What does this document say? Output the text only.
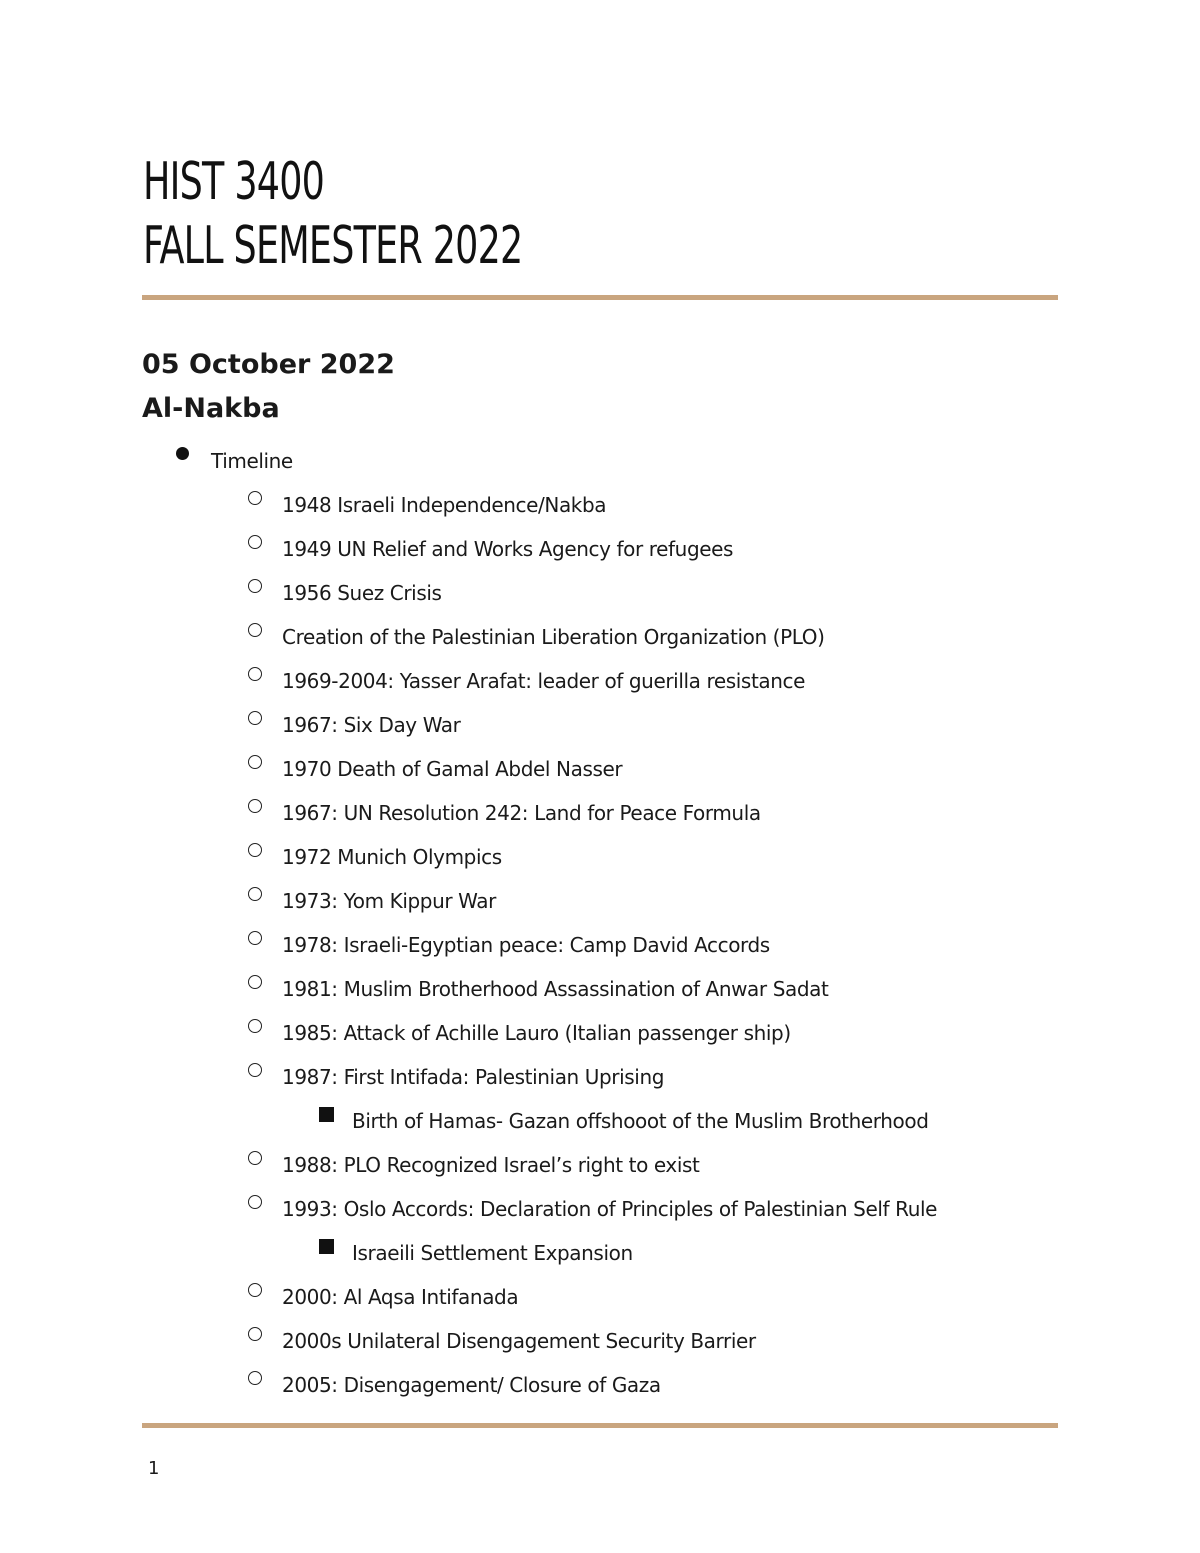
HIST 3400
FALL SEMESTER 2022
05 October 2022
Al-Nakba
Timeline
1948 Israeli Independence/Nakba
1949 UN Relief and Works Agency for refugees
1956 Suez Crisis
Creation of the Palestinian Liberation Organization (PLO)
1969-2004: Yasser Arafat: leader of guerilla resistance
1967: Six Day War
1970 Death of Gamal Abdel Nasser
1967: UN Resolution 242: Land for Peace Formula
1972 Munich Olympics
1973: Yom Kippur War
1978: Israeli-Egyptian peace: Camp David Accords
1981: Muslim Brotherhood Assassination of Anwar Sadat
1985: Attack of Achille Lauro (Italian passenger ship)
1987: First Intifada: Palestinian Uprising
Birth of Hamas- Gazan offshooot of the Muslim Brotherhood
1988: PLO Recognized Israel’s right to exist
1993: Oslo Accords: Declaration of Principles of Palestinian Self Rule
Israeili Settlement Expansion
2000: Al Aqsa Intifanada
2000s Unilateral Disengagement Security Barrier
2005: Disengagement/ Closure of Gaza
1
